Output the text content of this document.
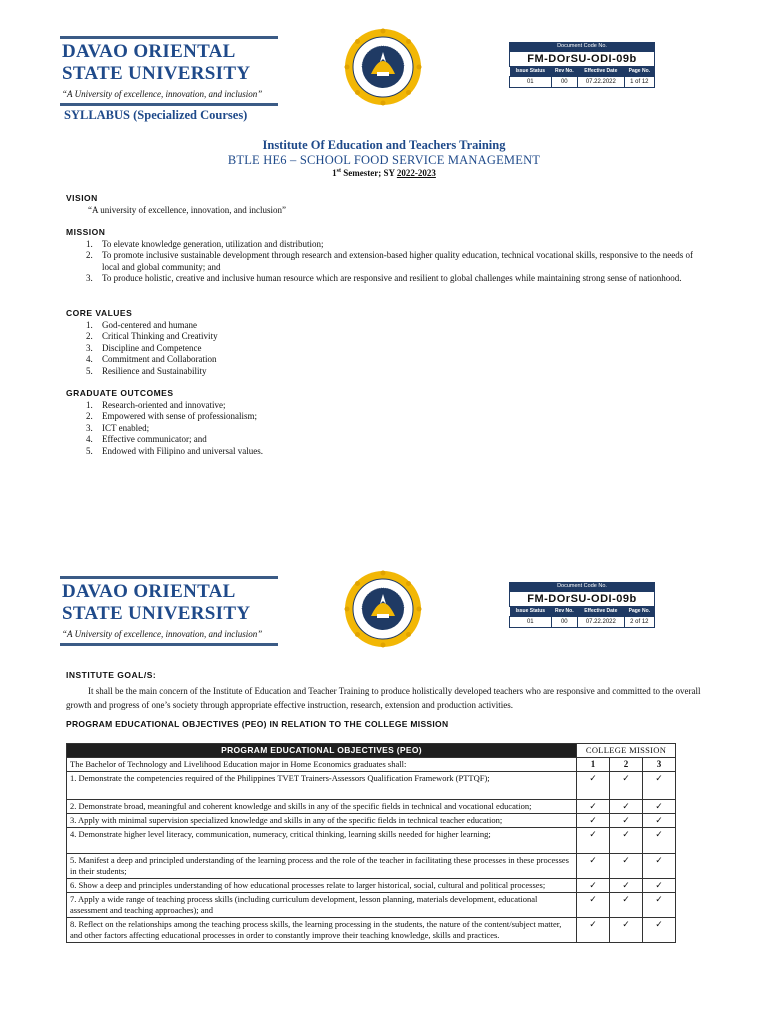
DAVAO ORIENTAL
STATE UNIVERSITY
“A University of excellence, innovation, and inclusion”
SYLLABUS (Specialized Courses)
Document Code No.
FM-DOrSU-ODI-09b
Issue Status	Rev No.	Effective Date	Page No.
01	00	07.22.2022	1 of 12
Institute Of Education and Teachers Training
BTLE HE6 – SCHOOL FOOD SERVICE MANAGEMENT
1st Semester; SY 2022-2023
VISION

“A university of excellence, innovation, and inclusion”

MISSION
1. To elevate knowledge generation, utilization and distribution;
2. To promote inclusive sustainable development through research and extension-based higher quality education, technical vocational skills, responsive to the needs of local and global community; and
3. To produce holistic, creative and inclusive human resource which are responsive and resilient to global challenges while maintaining strong sense of nationhood.
CORE VALUES
1. God-centered and humane
2. Critical Thinking and Creativity
3. Discipline and Competence
4. Commitment and Collaboration
5. Resilience and Sustainability
GRADUATE OUTCOMES
1. Research-oriented and innovative;
2. Empowered with sense of professionalism;
3. ICT enabled;
4. Effective communicator; and
5. Endowed with Filipino and universal values.
DAVAO ORIENTAL
STATE UNIVERSITY
“A University of excellence, innovation, and inclusion”
Document Code No.
FM-DOrSU-ODI-09b
Issue Status	Rev No.	Effective Date	Page No.
01	00	07.22.2022	2 of 12
INSTITUTE GOAL/S:
It shall be the main concern of the Institute of Education and Teacher Training to produce holistically developed teachers who are responsive and committed to the overall growth and progress of one’s society through appropriate effective instruction, research, extension and production activities.
PROGRAM EDUCATIONAL OBJECTIVES (PEO) IN RELATION TO THE COLLEGE MISSION
PROGRAM EDUCATIONAL OBJECTIVES (PEO)	COLLEGE MISSION		
The Bachelor of Technology and Livelihood Education major in Home Economics graduates shall:	1	2	3
1. Demonstrate the competencies required of the Philippines TVET Trainers-Assessors Qualification Framework (PTTQF);	✓	✓	✓
2. Demonstrate broad, meaningful and coherent knowledge and skills in any of the specific fields in technical and vocational education;	✓	✓	✓
3. Apply with minimal supervision specialized knowledge and skills in any of the specific fields in technical teacher education;	✓	✓	✓
4. Demonstrate higher level literacy, communication, numeracy, critical thinking, learning skills needed for higher learning;	✓	✓	✓
5. Manifest a deep and principled understanding of the learning process and the role of the teacher in facilitating these processes in these processes in their students;	✓	✓	✓
6. Show a deep and principles understanding of how educational processes relate to larger historical, social, cultural and political processes;	✓	✓	✓
7. Apply a wide range of teaching process skills (including curriculum development, lesson planning, materials development, educational assessment and teaching approaches); and	✓	✓	✓
8. Reflect on the relationships among the teaching process skills, the learning processing in the students, the nature of the content/subject matter, and other factors affecting educational processes in order to constantly improve their teaching knowledge, skills and practices.	✓	✓	✓
